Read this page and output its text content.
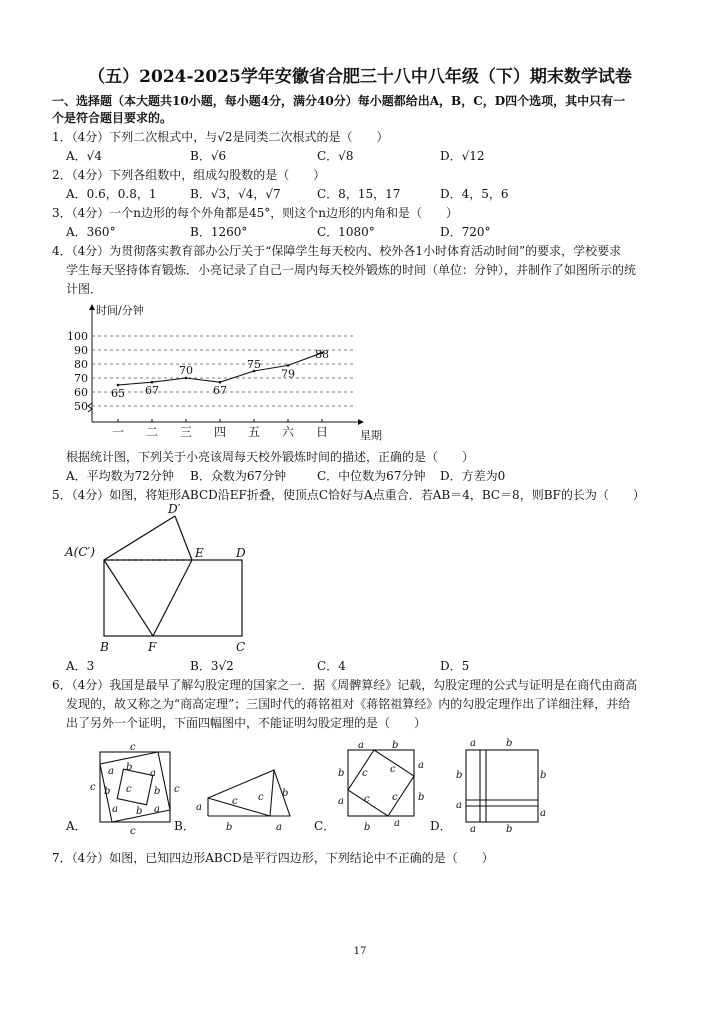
（五）2024-2025学年安徽省合肥三十八中八年级（下）期末数学试卷
一、选择题（本大题共10小题，每小题4分，满分40分）每小题都给出A，B，C，D四个选项，其中只有一
个是符合题目要求的。
1．（4分）下列二次根式中，与√2是同类二次根式的是（　　）
A．√4	B．√6	C．√8	D．√12
2．（4分）下列各组数中，组成勾股数的是（　　）
A．0.6，0.8，1	B．√3，√4，√7	C．8，15，17	D．4，5，6
3．（4分）一个n边形的每个外角都是45°，则这个n边形的内角和是（　　）
A．360°	B．1260°	C．1080°	D．720°
4．（4分）为贯彻落实教育部办公厅关于“保障学生每天校内、校外各1小时体育活动时间”的要求，学校要求
学生每天坚持体育锻炼．小亮记录了自己一周内每天校外锻炼的时间（单位：分钟），并制作了如图所示的统
计图．
50
60
70
80
90
100
时间/分钟
星期
一 二 三 四 五 六 日
65 67
70
67
75
79
88
根据统计图，下列关于小亮该周每天校外锻炼时间的描述，正确的是（　　）
A．平均数为72分钟 B．众数为67分钟	C．中位数为67分钟 D．方差为0
5．（4分）如图，将矩形ABCD沿EF折叠，使顶点C恰好与A点重合．若AB＝4，BC＝8，则BF的长为（　　）
D′
A(C′)	E	D
B	F	C
A．3	B．3√2	C．4	D．5
6．（4分）我国是最早了解勾股定理的国家之一．据《周髀算经》记载，勾股定理的公式与证明是在商代由商高
发现的，故又称之为“商高定理”；三国时代的蒋铭祖对《蒋铭祖算经》内的勾股定理作出了详细注释，并给
出了另外一个证明，下面四幅图中，不能证明勾股定理的是（　　）
A．
c
a b
a
c b c b c
a b a
c	B．
a
c c b
b	a	C．
a	b
b c c a
a c c b
b a	D．
a	b
b	b
a
a
a	b
7．（4分）如图，已知四边形ABCD是平行四边形，下列结论中不正确的是（　　）
17
